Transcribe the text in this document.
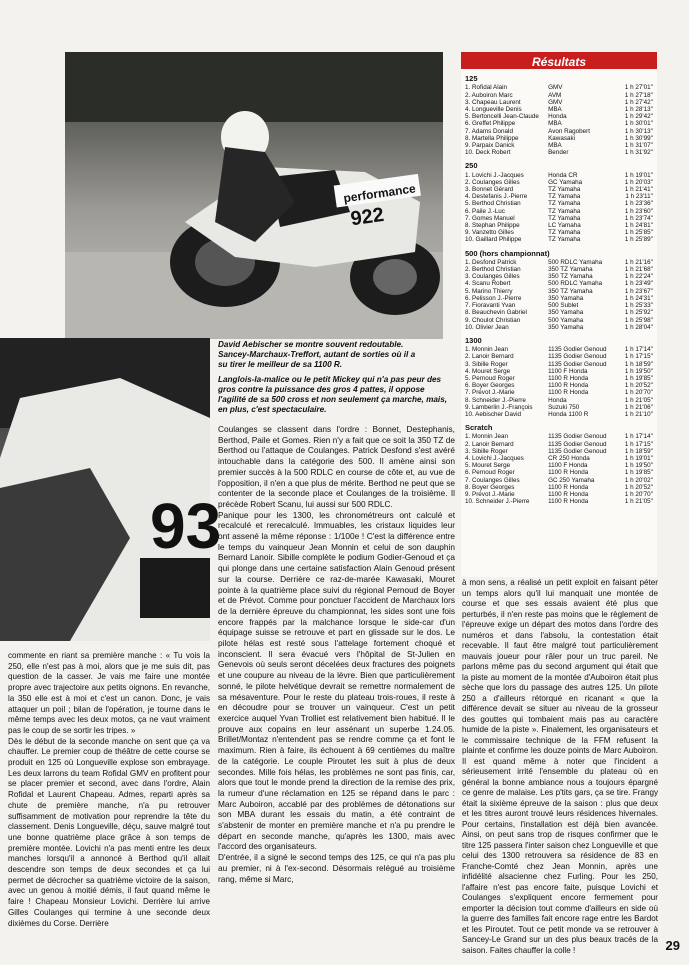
performance
922
93
David Aebischer se montre souvent redoutable.
Sancey-Marchaux-Treffort, autant de sorties où il a
su tirer le meilleur de sa 1100 R.
Langlois-la-malice ou le petit Mickey qui n'a pas peur des gros contre la puissance des gros 4 pattes, il oppose l'agilité de sa 500 cross et non seulement ça marche, mais, en plus, c'est spectaculaire.

Coulanges se classent dans l'ordre : Bonnet, Destephanis, Berthod, Paile et Gomes. Rien n'y a fait que ce soit la 350 TZ de Berthod ou l'attaque de Coulanges. Patrick Desfond s'est avéré intouchable dans la catégorie des 500. Il amène ainsi son premier succès à la 500 RDLC en course de côte et, au vue de l'opposition, il n'en a que plus de mérite. Berthod ne peut que se contenter de la seconde place et Coulanges de la troisième. Il précède Robert Scanu, lui aussi sur 500 RDLC.

Panique pour les 1300, les chronométreurs ont calculé et recalculé et rerecalculé. Immuables, les cristaux liquides leur ont assené la même réponse : 1/100e ! C'est la différence entre le temps du vainqueur Jean Monnin et celui de son dauphin Bernard Lanoir. Sibille complète le podium Godier-Genoud et ça qui plonge dans une certaine satisfaction Alain Genoud présent sur la course. Derrière ce raz-de-marée Kawasaki, Mouret pointe à la quatrième place suivi du régional Pernoud de Boyer et de Prévot. Comme pour ponctuer l'accident de Marchaux lors de la dernière épreuve du championnat, les sides sont une fois encore frappés par la malchance lorsque le side-car d'un équipage suisse se retrouve et part en glissade sur le dos. Le pilote hélas est resté sous l'attelage fortement choqué et inconscient. Il sera évacué vers l'hôpital de St-Julien en Genevois où seuls seront décelées deux fractures des poignets et une coupure au niveau de la lèvre. Bien que particulièrement sonné, le pilote helvétique devrait se remettre normalement de sa mésaventure. Pour le reste du plateau trois-roues, il reste à en découdre pour se trouver un vainqueur. C'est un petit exercice auquel Yvan Trolliet est relativement bien habitué. Il le prouve aux copains en leur assénant un superbe 1.24.05. Brillet/Montaz n'entendent pas se rendre comme ça et font le maximum. Rien à faire, ils échouent à 69 centièmes du maître de la catégorie. Le couple Piroutet les suit à plus de deux secondes. Mille fois hélas, les problèmes ne sont pas finis, car, alors que tout le monde prend la direction de la remise des prix, la rumeur d'une réclamation en 125 se répand dans le parc : Marc Auboiron, accablé par des problèmes de détonations sur son MBA durant les essais du matin, a été contraint de s'abstenir de monter en première manche et n'a pu prendre le départ en seconde manche, qu'après les 1300, mais avec l'accord des organisateurs.

D'entrée, il a signé le second temps des 125, ce qui n'a pas plu au premier, ni à l'ex-second. Désormais relégué au troisième rang, même si Marc,

commente en riant sa première manche : « Tu vois la 250, elle n'est pas à moi, alors que je me suis dit, pas question de la casser. Je vais me faire une montée propre avec trajectoire aux petits oignons. En revanche, la 350 elle est à moi et c'est un canon. Donc, je vais attaquer un poil ; bilan de l'opération, je tourne dans le même temps avec les deux motos, ça ne vaut vraiment pas le coup de se sortir les tripes. »

Dès le début de la seconde manche on sent que ça va chauffer. Le premier coup de théâtre de cette course se produit en 125 où Longueville explose son embrayage. Les deux larrons du team Rofidal GMV en profitent pour se placer premier et second, avec dans l'ordre, Alain Rofidal et Laurent Chapeau. Admes, reparti après sa chute de première manche, n'a pu retrouver suffisamment de motivation pour reprendre la tête du classement. Denis Longueville, déçu, sauve malgré tout une bonne quatrième place grâce à son temps de première montée. Lovichi n'a pas menti entre les deux manches lorsqu'il a annoncé à Berthod qu'il allait descendre son temps de deux secondes et ça lui permet de décrocher sa quatrième victoire de la saison, avec un genou à moitié démis, il faut quand même le faire ! Chapeau Monsieur Lovichi. Derrière lui arrive Gilles Coulanges qui termine à une seconde deux dixièmes du Corse. Derrière

à mon sens, a réalisé un petit exploit en faisant péter un temps alors qu'il lui manquait une montée de course et que ses essais avaient été plus que perturbés, il n'en reste pas moins que le règlement de l'épreuve exige un départ des motos dans l'ordre des numéros et dans l'absolu, la contestation était recevable. Il faut être malgré tout particulièrement mauvais joueur pour râler pour un truc pareil. Ne parlons même pas du second argument qui était que la piste au moment de la montée d'Auboiron était plus sèche que lors du passage des autres 125. Un pilote 250 a d'ailleurs rétorqué en ricanant « que la différence devait se situer au niveau de la grosseur des gouttes qui tombaient mais pas au caractère humide de la piste ». Finalement, les organisateurs et le commissaire technique de la FFM refusent la plainte et confirme les douze points de Marc Auboiron. Il est quand même à noter que l'incident a sérieusement irrité l'ensemble du plateau où en général la bonne ambiance nous a toujours épargné ce genre de malaise. Les p'tits gars, ça se tire. Frangy était la sixième épreuve de la saison : plus que deux et les titres auront trouvé leurs résidences hivernales. Pour certains, l'installation est déjà bien avancée. Ainsi, on peut sans trop de risques confirmer que le titre 125 passera l'inter saison chez Longueville et que celui des 1300 retrouvera sa résidence de 83 en Franche-Comté chez Jean Monnin, après une infidélité alsacienne chez Furling. Pour les 250, l'affaire n'est pas encore faite, puisque Lovichi et Coulanges s'expliquent encore fermement pour emporter la décision tout comme d'ailleurs en side où la guerre des familles fait encore rage entre les Bardot et les Piroutet. Tout ce petit monde va se retrouver à Sancey-Le Grand sur un des plus beaux tracés de la saison. Faites chauffer la colle !

Résultats
125
1. Rofidal Alain	GMV	1 h 27'01''
2. Auboiron Marc	AVM	1 h 27'18''
3. Chapeau Laurent	GMV	1 h 27'42''
4. Longueville Denis	MBA	1 h 28'13''
5. Bertoncelli Jean-Claude	Honda	1 h 29'42''
6. Greffet Philippe	MBA	1 h 30'01''
7. Adams Donald	Avon Ragobert	1 h 30'13''
8. Martella Philippe	Kawasaki	1 h 30'99''
9. Parpaix Danick	MBA	1 h 31'07''
10. Deck Robert	Bender	1 h 31'92''
250
1. Lovichi J.-Jacques	Honda CR	1 h 19'01''
2. Coulanges Gilles	GC Yamaha	1 h 20'03''
3. Bonnet Gérard	TZ Yamaha	1 h 21'41''
4. Destefanis J.-Pierre	TZ Yamaha	1 h 23'11''
5. Berthod Christian	TZ Yamaha	1 h 23'36''
6. Paile J.-Luc	TZ Yamaha	1 h 23'60''
7. Gomes Manuel	TZ Yamaha	1 h 23'74''
8. Stephan Philippe	LC Yamaha	1 h 24'81''
9. Vanzetto Gilles	TZ Yamaha	1 h 25'85''
10. Gaillard Philippe	TZ Yamaha	1 h 25'89''
500 (hors championnat)
1. Desfond Patrick	500 RDLC Yamaha	1 h 21'16''
2. Berthod Christian	350 TZ Yamaha	1 h 21'68''
3. Coulanges Gilles	350 TZ Yamaha	1 h 22'24''
4. Scanu Robert	500 RDLC Yamaha	1 h 23'49''
5. Marino Thierry	350 TZ Yamaha	1 h 23'67''
6. Pelisson J.-Pierre	350 Yamaha	1 h 24'31''
7. Fioravanti Yvan	500 Sublet	1 h 25'33''
8. Beauchevin Gabriel	350 Yamaha	1 h 25'92''
9. Choulot Christian	500 Yamaha	1 h 25'98''
10. Olivier Jean	350 Yamaha	1 h 28'04''
1300
1. Monnin Jean	1135 Godier Genoud	1 h 17'14''
2. Lanoir Bernard	1135 Godier Genoud	1 h 17'15''
3. Sibille Roger	1135 Godier Genoud	1 h 18'59''
4. Mouret Serge	1100 F Honda	1 h 19'50''
5. Pernoud Roger	1100 R Honda	1 h 19'85''
6. Boyer Georges	1100 R Honda	1 h 20'52''
7. Prévot J.-Marie	1100 R Honda	1 h 20'70''
8. Schneider J.-Pierre	Honda	1 h 21'05''
9. Lamberlin J.-François	Suzuki 750	1 h 21'06''
10. Aebischer David	Honda 1100 R	1 h 21'10''
Scratch
1. Monnin Jean	1135 Godier Genoud	1 h 17'14''
2. Lanoir Bernard	1135 Godier Genoud	1 h 17'15''
3. Sibille Roger	1135 Godier Genoud	1 h 18'59''
4. Lovichi J.-Jacques	CR 250 Honda	1 h 19'01''
5. Mouret Serge	1100 F Honda	1 h 19'50''
6. Pernoud Roger	1100 R Honda	1 h 19'85''
7. Coulanges Gilles	GC 250 Yamaha	1 h 20'02''
8. Boyer Georges	1100 R Honda	1 h 20'52''
9. Prévot J.-Marie	1100 R Honda	1 h 20'70''
10. Schneider J.-Pierre	1100 R Honda	1 h 21'05''
29
